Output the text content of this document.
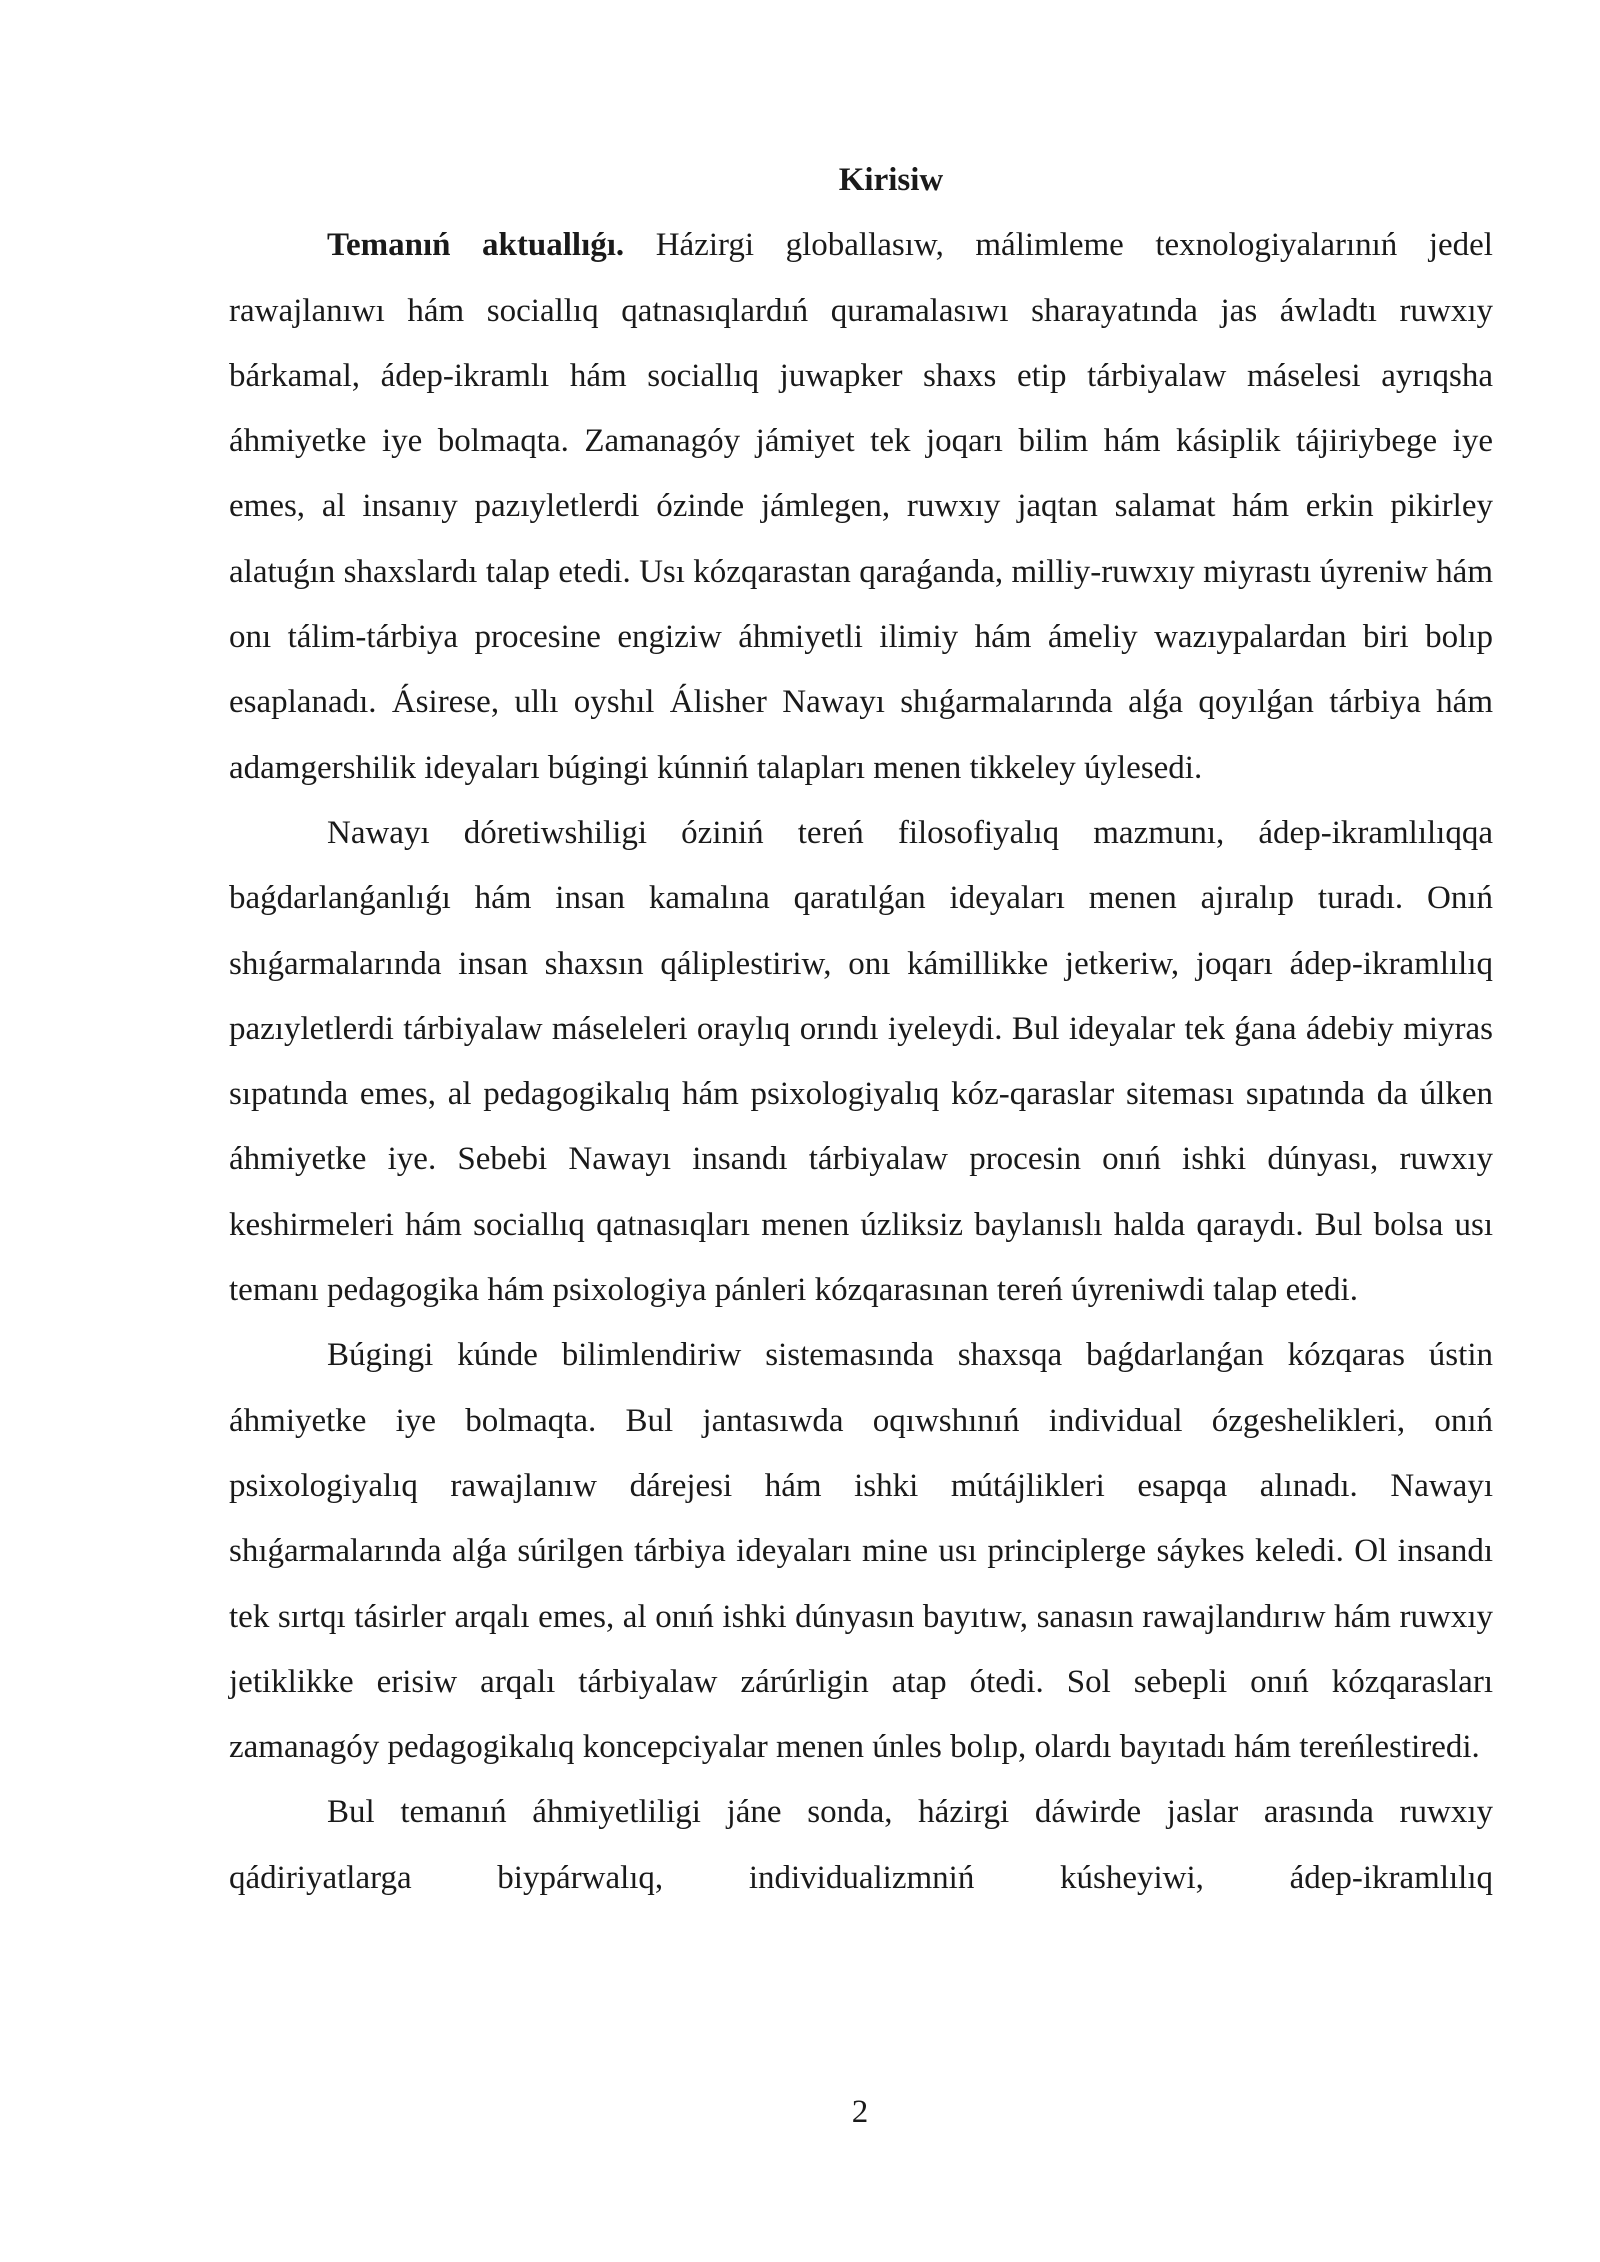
Kirisiw

Temanıń aktuallıǵı. Házirgi globallasıw, málimleme texnologiyalarınıń jedel rawajlanıwı hám sociallıq qatnasıqlardıń quramalasıwı sharayatında jas áwladtı ruwxıy bárkamal, ádep-ikramlı hám sociallıq juwapker shaxs etip tárbiyalaw máselesi ayrıqsha áhmiyetke iye bolmaqta. Zamanagóy jámiyet tek joqarı bilim hám kásiplik tájiriybege iye emes, al insanıy pazıyletlerdi ózinde jámlegen, ruwxıy jaqtan salamat hám erkin pikirley alatuǵın shaxslardı talap etedi. Usı kózqarastan qaraǵanda, milliy-ruwxıy miyrastı úyreniw hám onı tálim-tárbiya procesine engiziw áhmiyetli ilimiy hám ámeliy wazıypalardan biri bolıp esaplanadı. Ásirese, ullı oyshıl Álisher Nawayı shıǵarmalarında alǵa qoyılǵan tárbiya hám adamgershilik ideyaları búgingi kúnniń talapları menen tikkeley úylesedi.

Nawayı dóretiwshiligi óziniń tereń filosofiyalıq mazmunı, ádep-ikramlılıqqa baǵdarlanǵanlıǵı hám insan kamalına qaratılǵan ideyaları menen ajıralıp turadı. Onıń shıǵarmalarında insan shaxsın qáliplestiriw, onı kámillikke jetkeriw, joqarı ádep-ikramlılıq pazıyletlerdi tárbiyalaw máseleleri oraylıq orındı iyeleydi. Bul ideyalar tek ǵana ádebiy miyras sıpatında emes, al pedagogikalıq hám psixologiyalıq kóz-qaraslar siteması sıpatında da úlken áhmiyetke iye. Sebebi Nawayı insandı tárbiyalaw procesin onıń ishki dúnyası, ruwxıy keshirmeleri hám sociallıq qatnasıqları menen úzliksiz baylanıslı halda qaraydı. Bul bolsa usı temanı pedagogika hám psixologiya pánleri kózqarasınan tereń úyreniwdi talap etedi.

Búgingi kúnde bilimlendiriw sistemasında shaxsqa baǵdarlanǵan kózqaras ústin áhmiyetke iye bolmaqta. Bul jantasıwda oqıwshınıń individual ózgeshelikleri, onıń psixologiyalıq rawajlanıw dárejesi hám ishki mútájlikleri esapqa alınadı. Nawayı shıǵarmalarında alǵa súrilgen tárbiya ideyaları mine usı principlerge sáykes keledi. Ol insandı tek sırtqı tásirler arqalı emes, al onıń ishki dúnyasın bayıtıw, sanasın rawajlandırıw hám ruwxıy jetiklikke erisiw arqalı tárbiyalaw zárúrligin atap ótedi. Sol sebepli onıń kózqarasları zamanagóy pedagogikalıq koncepciyalar menen únles bolıp, olardı bayıtadı hám tereńlestiredi.

Bul temanıń áhmiyetliligi jáne sonda, házirgi dáwirde jaslar arasında ruwxıy qádiriyatlarga biypárwalıq, individualizmniń kúsheyiwi, ádep-ikramlılıq

2
